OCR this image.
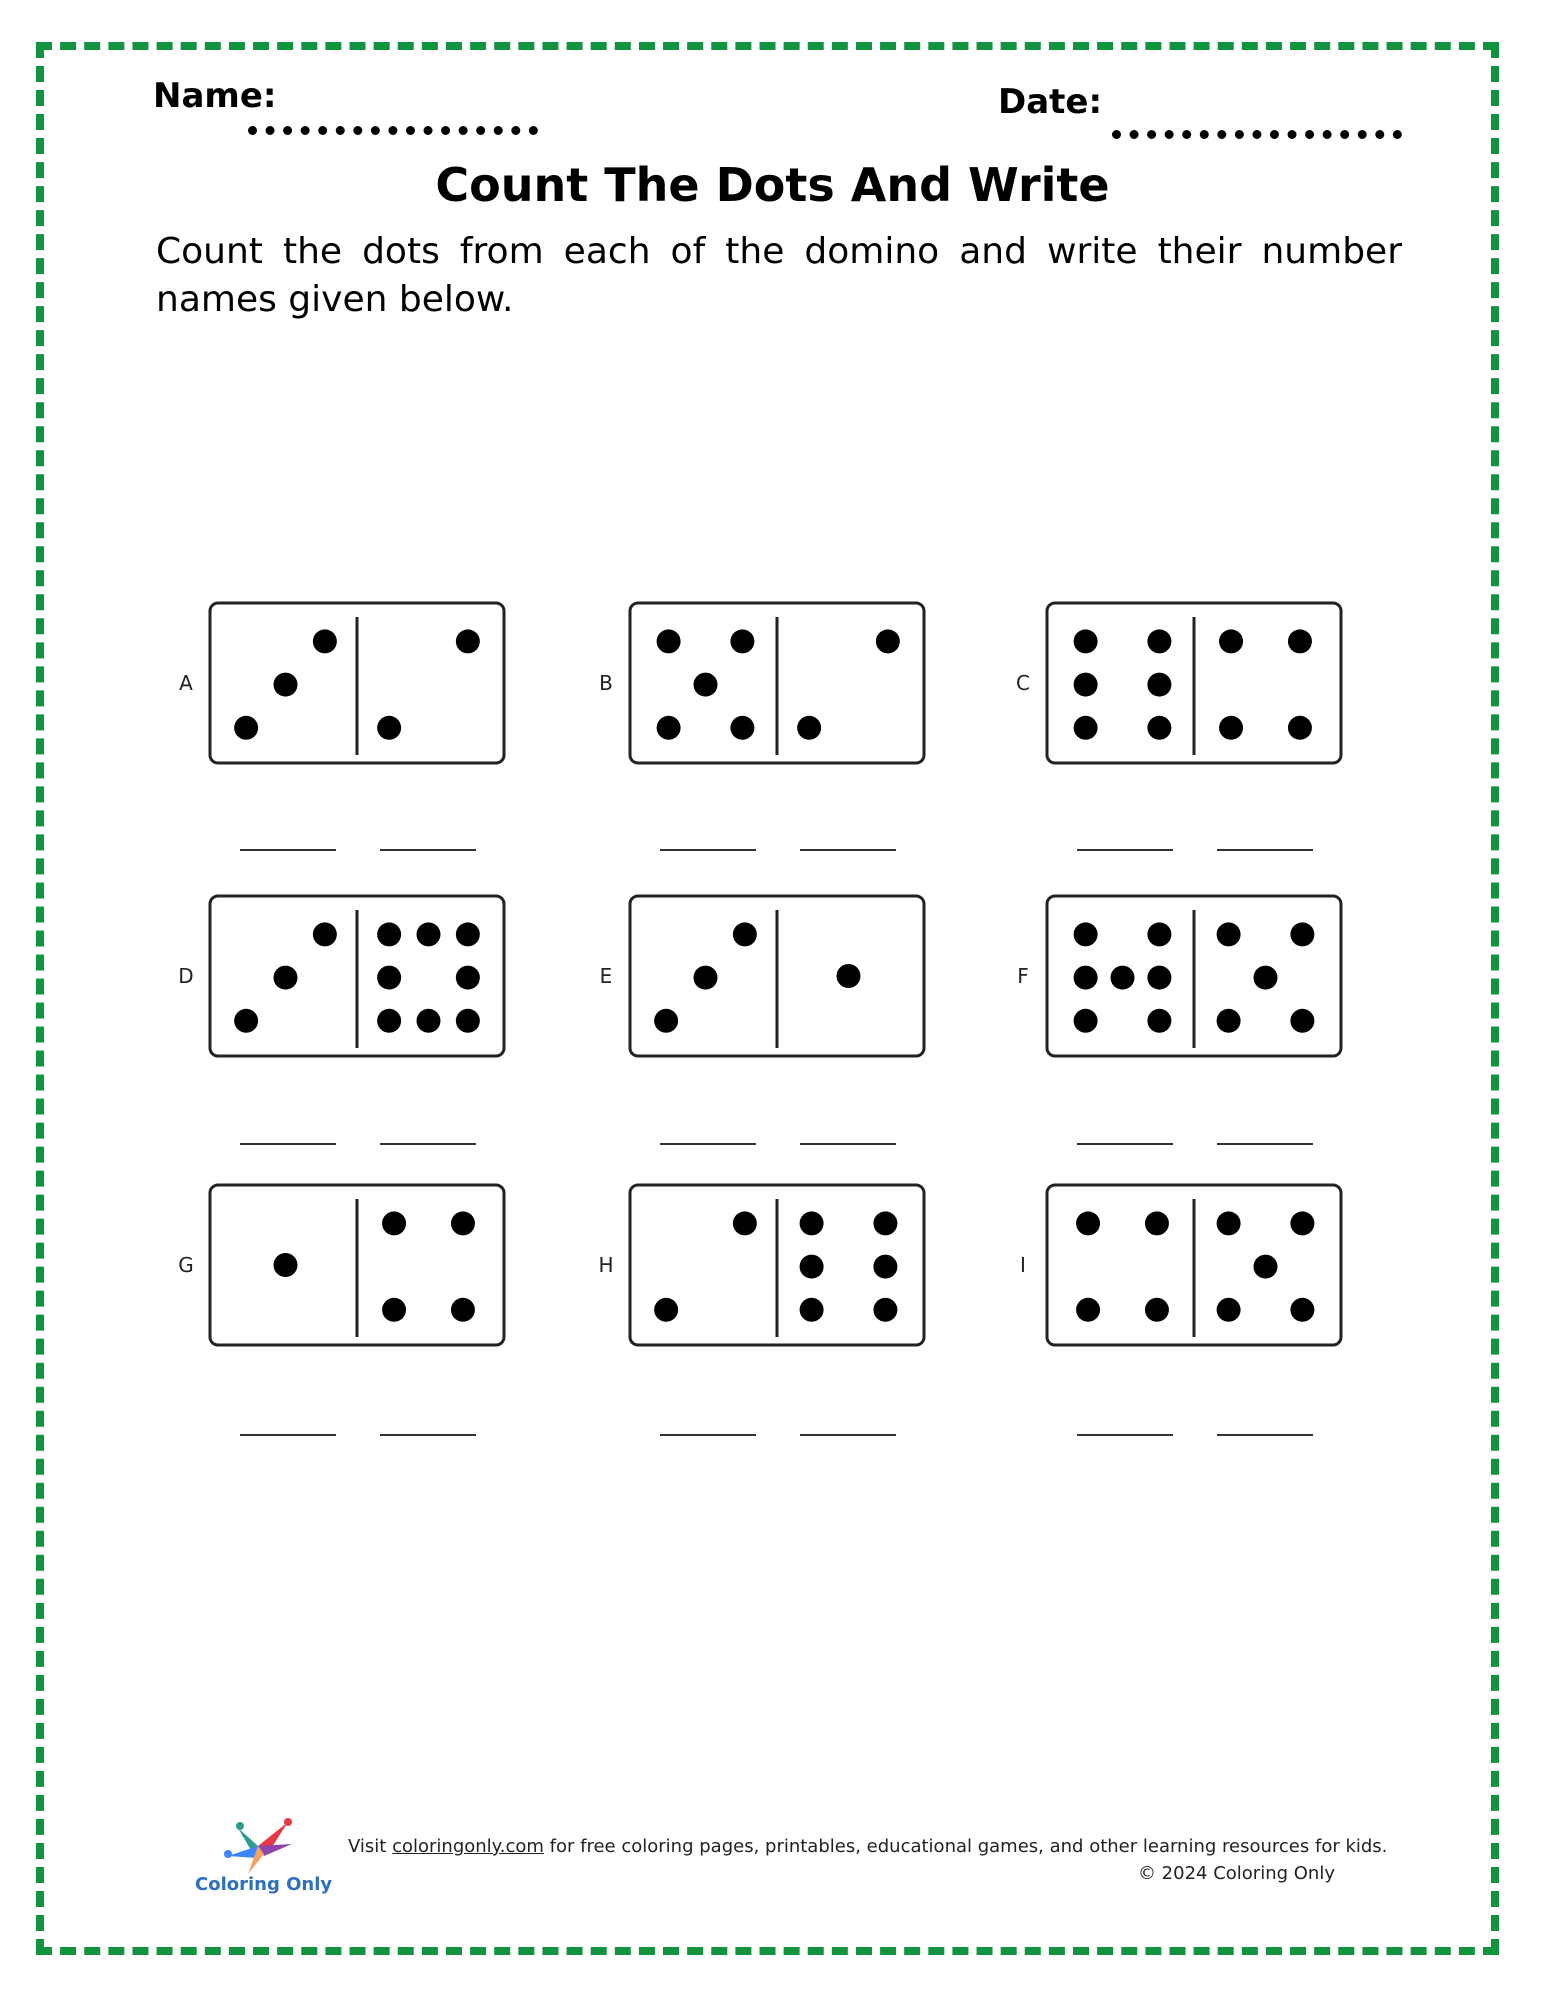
Name:	Date:
Count The Dots And Write
Count the dots from each of the domino and write their number names given below.
A	B	C
D	E	F
G	H	I
Coloring Only
Visit coloringonly.com for free coloring pages, printables, educational games, and other learning resources for kids.
© 2024 Coloring Only
